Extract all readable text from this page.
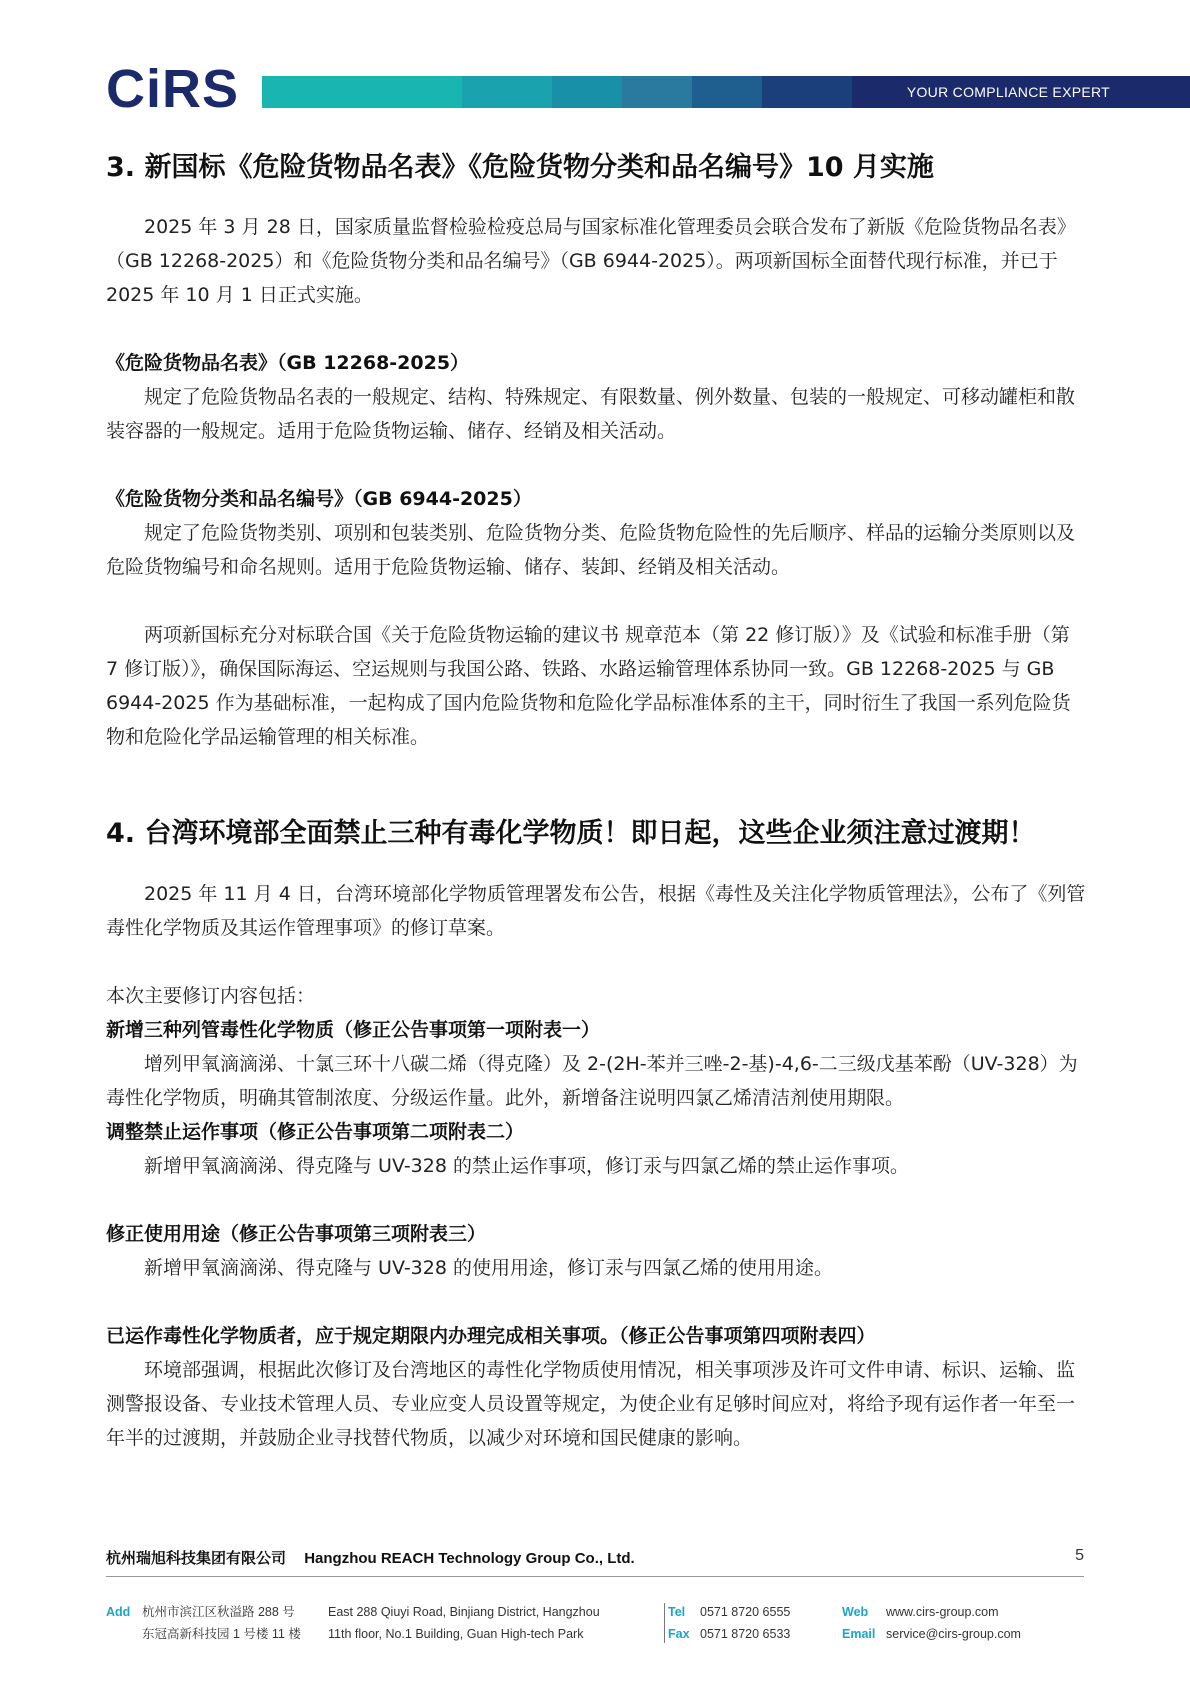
CiRS	YOUR COMPLIANCE EXPERT
3. 新国标《危险货物品名表》《危险货物分类和品名编号》10 月实施

2025 年 3 月 28 日，国家质量监督检验检疫总局与国家标准化管理委员会联合发布了新版《危险货物品名表》 （GB 12268-2025）和《危险货物分类和品名编号》（GB 6944-2025）。两项新国标全面替代现行标准，并已于 2025 年 10 月 1 日正式实施。

《危险货物品名表》（GB 12268-2025）

规定了危险货物品名表的一般规定、结构、特殊规定、有限数量、例外数量、包装的一般规定、可移动罐柜和散装容器的一般规定。适用于危险货物运输、储存、经销及相关活动。

《危险货物分类和品名编号》（GB 6944-2025）

规定了危险货物类别、项别和包装类别、危险货物分类、危险货物危险性的先后顺序、样品的运输分类原则以及危险货物编号和命名规则。适用于危险货物运输、储存、装卸、经销及相关活动。

两项新国标充分对标联合国《关于危险货物运输的建议书 规章范本（第 22 修订版）》及《试验和标准手册（第 7 修订版）》，确保国际海运、空运规则与我国公路、铁路、水路运输管理体系协同一致。GB 12268-2025 与 GB 6944-2025 作为基础标准，一起构成了国内危险货物和危险化学品标准体系的主干，同时衍生了我国一系列危险货物和危险化学品运输管理的相关标准。

4. 台湾环境部全面禁止三种有毒化学物质！即日起，这些企业须注意过渡期！

2025 年 11 月 4 日，台湾环境部化学物质管理署发布公告，根据《毒性及关注化学物质管理法》，公布了《列管毒性化学物质及其运作管理事项》的修订草案。

本次主要修订内容包括：

新增三种列管毒性化学物质（修正公告事项第一项附表一）

增列甲氧滴滴涕、十氯三环十八碳二烯（得克隆）及 2-(2H-苯并三唑-2-基)-4,6-二三级戊基苯酚（UV-328）为毒性化学物质，明确其管制浓度、分级运作量。此外，新增备注说明四氯乙烯清洁剂使用期限。

调整禁止运作事项（修正公告事项第二项附表二）

新增甲氧滴滴涕、得克隆与 UV-328 的禁止运作事项，修订汞与四氯乙烯的禁止运作事项。

修正使用用途（修正公告事项第三项附表三）

新增甲氧滴滴涕、得克隆与 UV-328 的使用用途，修订汞与四氯乙烯的使用用途。

已运作毒性化学物质者，应于规定期限内办理完成相关事项。（修正公告事项第四项附表四）

环境部强调，根据此次修订及台湾地区的毒性化学物质使用情况，相关事项涉及许可文件申请、标识、运输、监测警报设备、专业技术管理人员、专业应变人员设置等规定，为使企业有足够时间应对，将给予现有运作者一年至一年半的过渡期，并鼓励企业寻找替代物质，以减少对环境和国民健康的影响。

杭州瑞旭科技集团有限公司 Hangzhou REACH Technology Group Co., Ltd.	5
Add 杭州市滨江区秋溢路 288 号
东冠高新科技园 1 号楼 11 楼
East 288 Qiuyi Road, Binjiang District, Hangzhou
11th floor, No.1 Building, Guan High-tech Park
Tel
Fax
0571 8720 6555
0571 8720 6533
Web
Email
www.cirs-group.com
service@cirs-group.com
